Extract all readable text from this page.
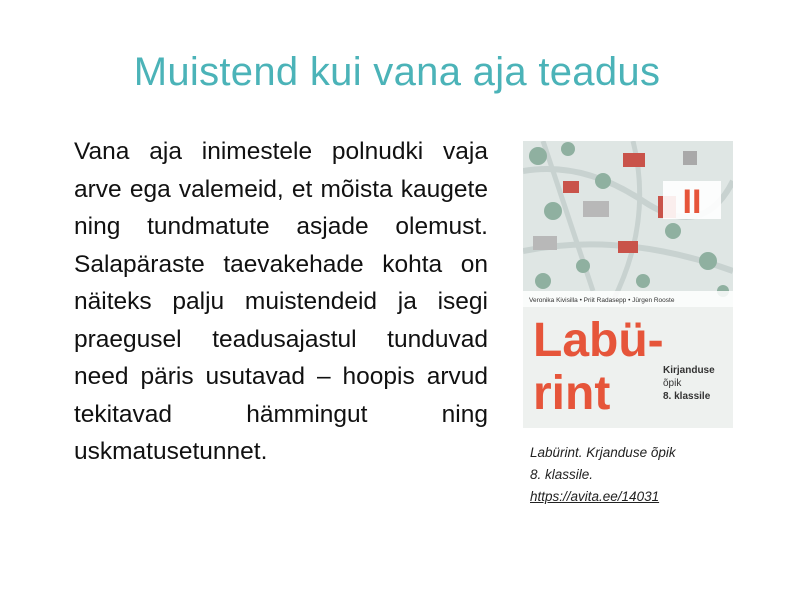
Muistend kui vana aja teadus
Vana aja inimestele polnudki vaja arve ega valemeid, et mõista kaugete ning tundmatute asjade olemust. Salapäraste taevakehade kohta on näiteks palju muistendeid ja isegi praegusel teadusajastul tunduvad need päris usutavad – hoopis arvud tekitavad hämmingut ning uskmatusetunnet.
II
Veronika Kivisilla • Priit Radasepp • Jürgen Rooste
Labü-
rint	Kirjanduse
õpik
8. klassile
Labürint. Krjanduse õpik
8. klassile.
https://avita.ee/14031
